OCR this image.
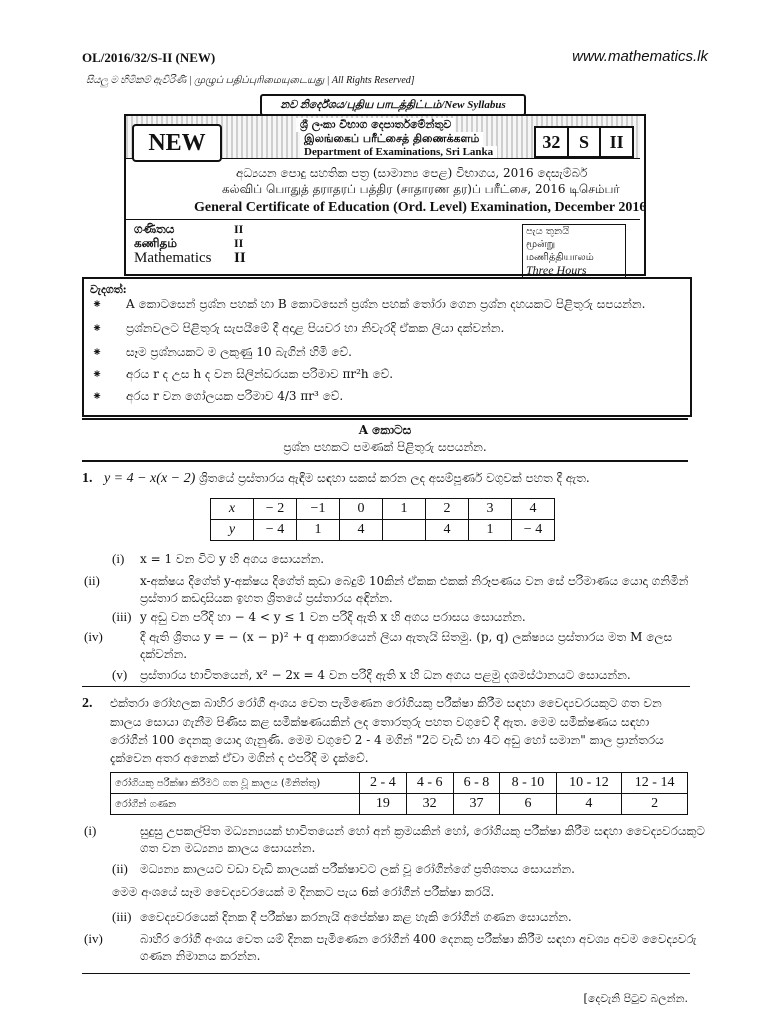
OL/2016/32/S-II (NEW)	www.mathematics.lk
සියලු ම හිමිකම් ඇවිරිණි | முழுப் பதிப்புரிமையுடையது | All Rights Reserved]
නව නිර්දේශය/புதிய பாடத்திட்டம்/New Syllabus
NEW
ශ්‍රී ලංකා විභාග දෙපාර්තමේන්තුව
இலங்கைப் பரீட்சைத் திணைக்களம்
Department of Examinations, Sri Lanka	32	S	II
අධ්‍යයන පොදු සහතික පත්‍ර (සාමාන්‍ය පෙළ) විභාගය, 2016 දෙසැම්බර්
கல்விப் பொதுத் தராதரப் பத்திர (சாதாரண தர)ப் பரீட்சை, 2016 டிசெம்பர்
General Certificate of Education (Ord. Level) Examination, December 2016
ගණිතය	II
கணிதம்	II
Mathematics II
පැය තුනයි
மூன்று மணித்தியாலம்
Three Hours
වැදගත්:
⁕ A කොටසෙන් ප්‍රශ්න පහක් හා B කොටසෙන් ප්‍රශ්න පහක් තෝරා ගෙන ප්‍රශ්න දහයකට පිළිතුරු සපයන්න.
⁕ ප්‍රශ්නවලට පිළිතුරු සැපයීමේ දී අදාළ පියවර හා නිවැරදි ඒකක ලියා දක්වන්න.
⁕ සෑම ප්‍රශ්නයකට ම ලකුණු 10 බැගින් හිමි වේ.
⁕ අරය r ද උස h ද වන සිලින්ඩරයක පරිමාව πr²h වේ.
⁕ අරය r වන ගෝලයක පරිමාව 4/3 πr³ වේ.
A කොටස
ප්‍රශ්න පහකට පමණක් පිළිතුරු සපයන්න.
1. y = 4 − x(x − 2) ශ්‍රිතයේ ප්‍රස්තාරය ඇඳීම සඳහා සකස් කරන ලද අසම්පූර්ණ වගුවක් පහත දී ඇත.
x	− 2	−1	0	1	2	3	4
y	− 4	1	4		4	1	− 4
(i) x = 1 වන විට y හි අගය සොයන්න.
(ii)	x-අක්ෂය දිගේත් y-අක්ෂය දිගේත් කුඩා බෙදුම් 10කින් ඒකක එකක් නිරූපණය වන සේ පරිමාණය යොදා ගනිමින් ප්‍රස්තාර කඩදාසියක ඉහත ශ්‍රිතයේ ප්‍රස්තාරය අඳින්න.
(iii) y අඩු වන පරිදි හා − 4 < y ≤ 1 වන පරිදි ඇති x හි අගය පරාසය සොයන්න.
(iv)	දී ඇති ශ්‍රිතය y = − (x − p)² + q ආකාරයෙන් ලියා ඇතැයි සිතමු. (p, q) ලක්ෂ්‍යය ප්‍රස්තාරය මත M ලෙස දක්වන්න.
(v) ප්‍රස්තාරය භාවිතයෙන්, x² − 2x = 4 වන පරිදි ඇති x හි ධන අගය පළමු දශමස්ථානයට සොයන්න.
2. එක්තරා රෝහලක බාහිර රෝගී අංශය වෙත පැමිණෙන රෝගියකු පරීක්ෂා කිරීම සඳහා වෛද්‍යවරයකුට ගත වන කාලය සොයා ගැනීම පිණිස කළ සමීක්ෂණයකින් ලද තොරතුරු පහත වගුවේ දී ඇත. මෙම සමීක්ෂණය සඳහා රෝගීන් 100 දෙනකු යොදා ගැනුණි. මෙම වගුවේ 2 - 4 මගින් "2ට වැඩි හා 4ට අඩු හෝ සමාන" කාල ප්‍රාන්තරය දැක්වෙන අතර අනෙක් ඒවා මගින් ද එපරිදි ම දැක්වේ.
රෝගියකු පරීක්ෂා කිරීමට ගත වූ කාලය (මිනිත්තු)	2 - 4	4 - 6	6 - 8	8 - 10	10 - 12	12 - 14
රෝගීන් ගණන	19	32	37	6	4	2
(i)	සුදුසු උපකල්පිත මධ්‍යන්‍යයක් භාවිතයෙන් හෝ අන් ක්‍රමයකින් හෝ, රෝගියකු පරීක්ෂා කිරීම සඳහා වෛද්‍යවරයකුට ගත වන මධ්‍යන්‍ය කාලය සොයන්න.
(ii) මධ්‍යන්‍ය කාලයට වඩා වැඩි කාලයක් පරීක්ෂාවට ලක් වූ රෝගීන්ගේ ප්‍රතිශතය සොයන්න.
මෙම අංශයේ සෑම වෛද්‍යවරයෙක් ම දිනකට පැය 6ක් රෝගීන් පරීක්ෂා කරයි.
(iii) වෛද්‍යවරයෙක් දිනක දී පරීක්ෂා කරනැයි අපේක්ෂා කළ හැකි රෝගීන් ගණන සොයන්න.
(iv)	බාහිර රෝගී අංශය වෙත යම් දිනක පැමිණෙන රෝගීන් 400 දෙනකු පරීක්ෂා කිරීම සඳහා අවශ්‍ය අවම වෛද්‍යවරු ගණන නිමානය කරන්න.
[දෙවැනි පිටුව බලන්න.
